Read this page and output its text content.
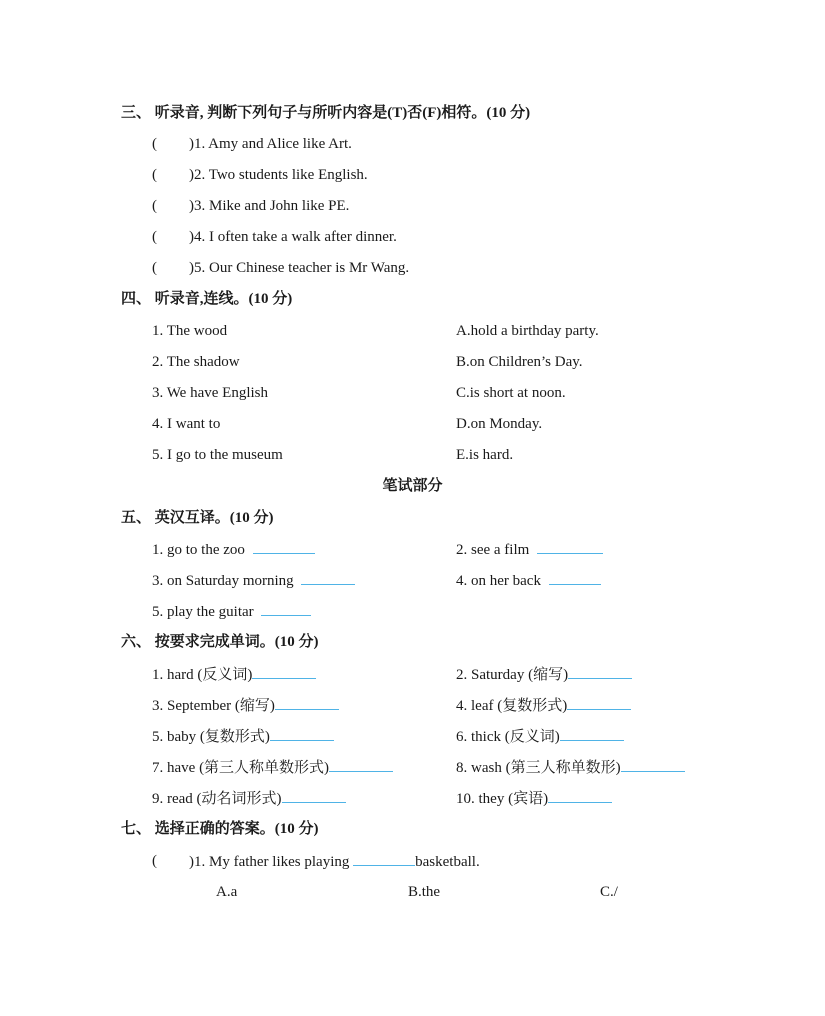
三、 听录音, 判断下列句子与所听内容是(T)否(F)相符。(10 分)
( )1. Amy and Alice like Art.
( )2. Two students like English.
( )3. Mike and John like PE.
( )4. I often take a walk after dinner.
( )5. Our Chinese teacher is Mr Wang.
四、 听录音,连线。(10 分)
1. The wood	A.hold a birthday party.
2. The shadow	B.on Children’s Day.
3. We have English	C.is short at noon.
4. I want to	D.on Monday.
5. I go to the museum	E.is hard.
笔试部分
五、 英汉互译。(10 分)
1. go to the zoo	2. see a film
3. on Saturday morning	4. on her back
5. play the guitar
六、 按要求完成单词。(10 分)
1. hard (反义词)	2. Saturday (缩写)
3. September (缩写)	4. leaf (复数形式)
5. baby (复数形式)	6. thick (反义词)
7. have (第三人称单数形式)	8. wash (第三人称单数形)
9. read (动名词形式)	10. they (宾语)
七、 选择正确的答案。(10 分)
( )1. My father likes playing	basketball.
A.a	B.the	C./
